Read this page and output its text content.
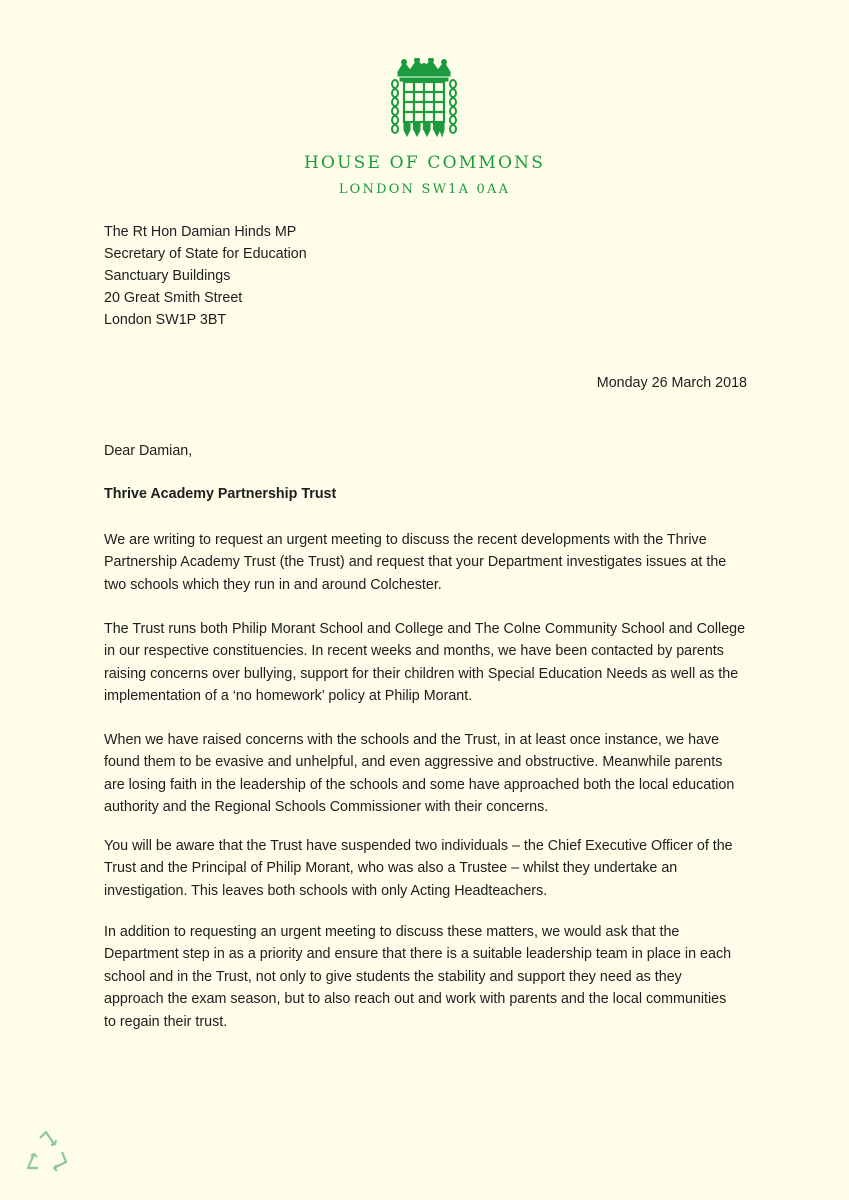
HOUSE OF COMMONS
LONDON SW1A 0AA
The Rt Hon Damian Hinds MP
Secretary of State for Education
Sanctuary Buildings
20 Great Smith Street
London SW1P 3BT
Monday 26 March 2018
Dear Damian,
Thrive Academy Partnership Trust
We are writing to request an urgent meeting to discuss the recent developments with the Thrive
Partnership Academy Trust (the Trust) and request that your Department investigates issues at the
two schools which they run in and around Colchester.
The Trust runs both Philip Morant School and College and The Colne Community School and College
in our respective constituencies. In recent weeks and months, we have been contacted by parents
raising concerns over bullying, support for their children with Special Education Needs as well as the
implementation of a ‘no homework’ policy at Philip Morant.
When we have raised concerns with the schools and the Trust, in at least once instance, we have
found them to be evasive and unhelpful, and even aggressive and obstructive. Meanwhile parents
are losing faith in the leadership of the schools and some have approached both the local education
authority and the Regional Schools Commissioner with their concerns.
You will be aware that the Trust have suspended two individuals – the Chief Executive Officer of the
Trust and the Principal of Philip Morant, who was also a Trustee – whilst they undertake an
investigation. This leaves both schools with only Acting Headteachers.
In addition to requesting an urgent meeting to discuss these matters, we would ask that the
Department step in as a priority and ensure that there is a suitable leadership team in place in each
school and in the Trust, not only to give students the stability and support they need as they
approach the exam season, but to also reach out and work with parents and the local communities
to regain their trust.
